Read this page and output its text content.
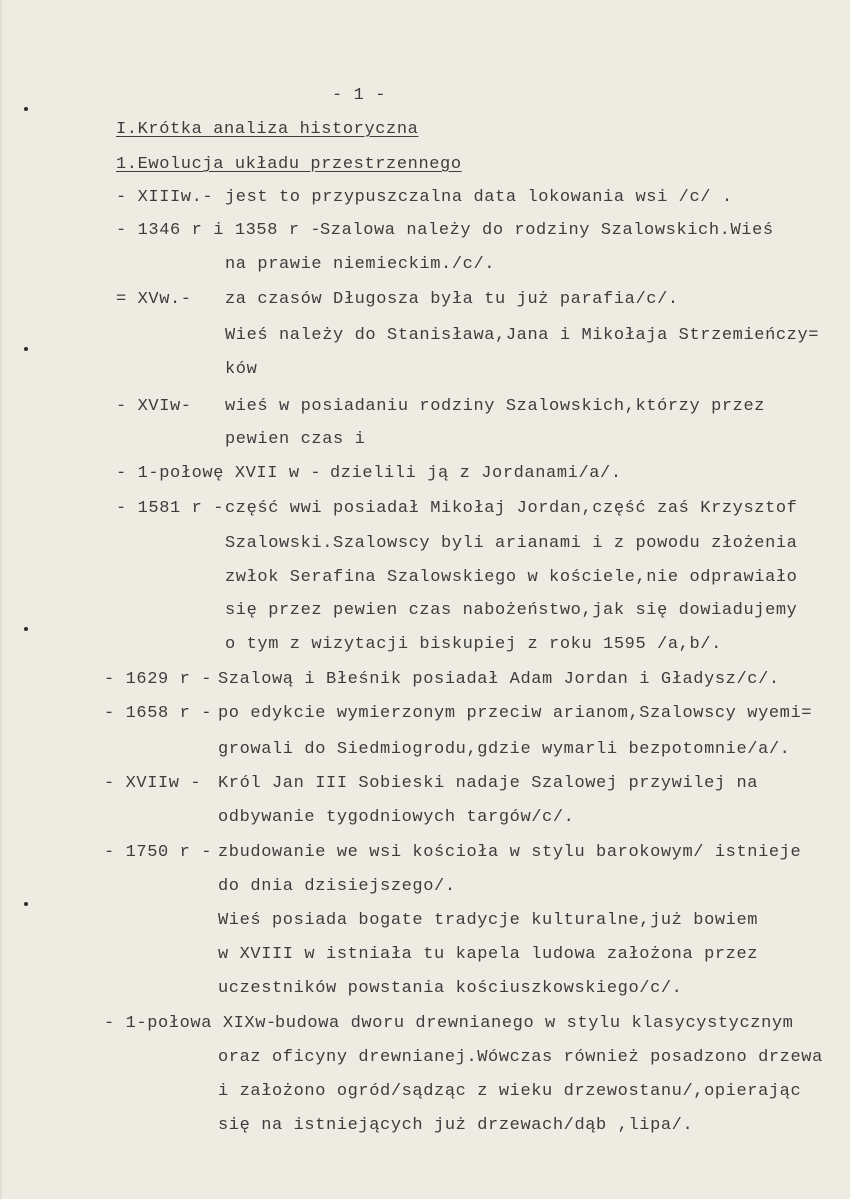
- 1 -
I.Krótka analiza historyczna
1.Ewolucja układu przestrzennego
- XIIIw.- jest to przypuszczalna data lokowania wsi /c/ .
- 1346 r i 1358 r -
Szalowa należy do rodziny Szalowskich.Wieś
na prawie niemieckim./c/.
= XVw.- za czasów Długosza była tu już parafia/c/.
Wieś należy do Stanisława,Jana i Mikołaja Strzemieńczy=
ków
- XVIw- wieś w posiadaniu rodziny Szalowskich,którzy przez
pewien czas i
- 1-połowę XVII w - dzielili ją z Jordanami/a/.
- 1581 r - część wwi posiadał Mikołaj Jordan,część zaś Krzysztof
Szalowski.Szalowscy byli arianami i z powodu złożenia
zwłok Serafina Szalowskiego w kościele,nie odprawiało
się przez pewien czas nabożeństwo,jak się dowiadujemy
o tym z wizytacji biskupiej z roku 1595 /a,b/.
- 1629 r - Szalową i Błeśnik posiadał Adam Jordan i Gładysz/c/.
- 1658 r - po edykcie wymierzonym przeciw arianom,Szalowscy wyemi=
growali do Siedmiogrodu,gdzie wymarli bezpotomnie/a/.
- XVIIw - Król Jan III Sobieski nadaje Szalowej przywilej na
odbywanie tygodniowych targów/c/.
- 1750 r - zbudowanie we wsi kościoła w stylu barokowym/ istnieje
do dnia dzisiejszego/.
Wieś posiada bogate tradycje kulturalne,już bowiem
w XVIII w istniała tu kapela ludowa założona przez
uczestników powstania kościuszkowskiego/c/.
- 1-połowa XIXw-
budowa dworu drewnianego w stylu klasycystycznym
oraz oficyny drewnianej.Wówczas również posadzono drzewa
i założono ogród/sądząc z wieku drzewostanu/,opierając
się na istniejących już drzewach/dąb ,lipa/.
